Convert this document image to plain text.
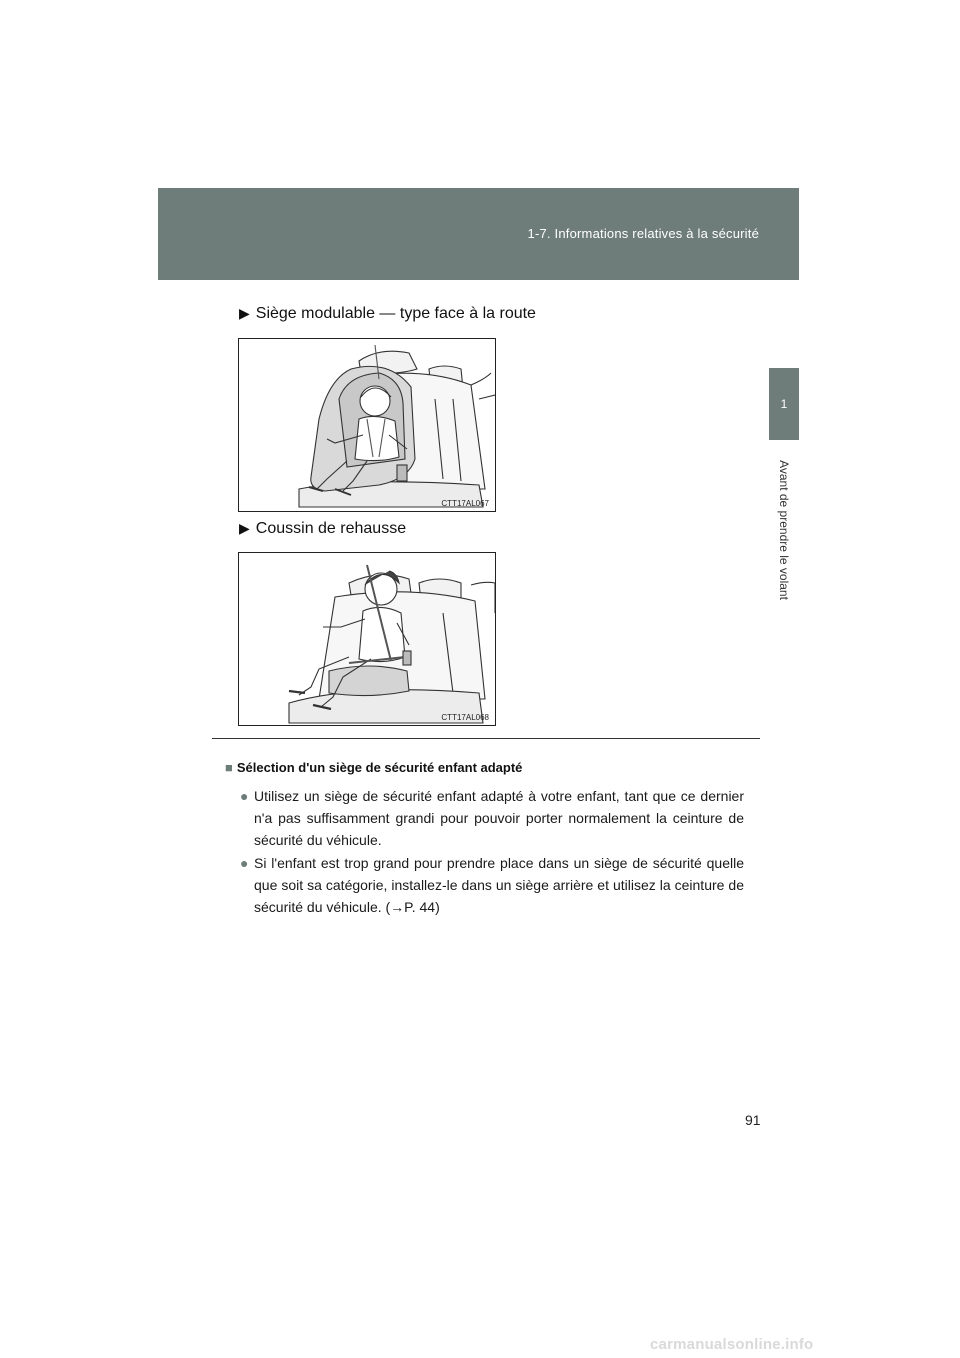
1-7. Informations relatives à la sécurité
1
Avant de prendre le volant
▶ Siège modulable — type face à la route
CTT17AL067
▶ Coussin de rehausse
CTT17AL068
■ Sélection d'un siège de sécurité enfant adapté
● Utilisez un siège de sécurité enfant adapté à votre enfant, tant que ce dernier n'a pas suffisamment grandi pour pouvoir porter normalement la ceinture de sécurité du véhicule.
● Si l'enfant est trop grand pour prendre place dans un siège de sécurité quelle que soit sa catégorie, installez-le dans un siège arrière et utilisez la ceinture de sécurité du véhicule. (→P. 44)
91
carmanualsonline.info
